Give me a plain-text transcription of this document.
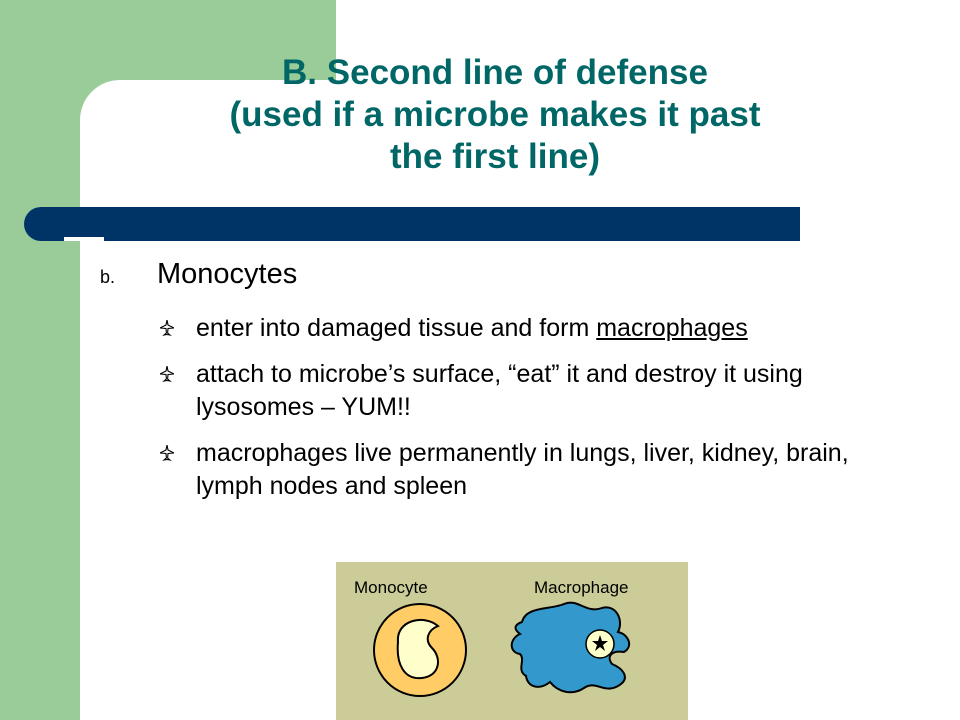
B. Second line of defense
(used if a microbe makes it past
the first line)
b.	Monocytes
enter into damaged tissue and form macrophages
attach to microbe’s surface, “eat” it and destroy it using lysosomes – YUM!!
macrophages live permanently in lungs, liver, kidney, brain, lymph nodes and spleen
Monocyte	Macrophage
